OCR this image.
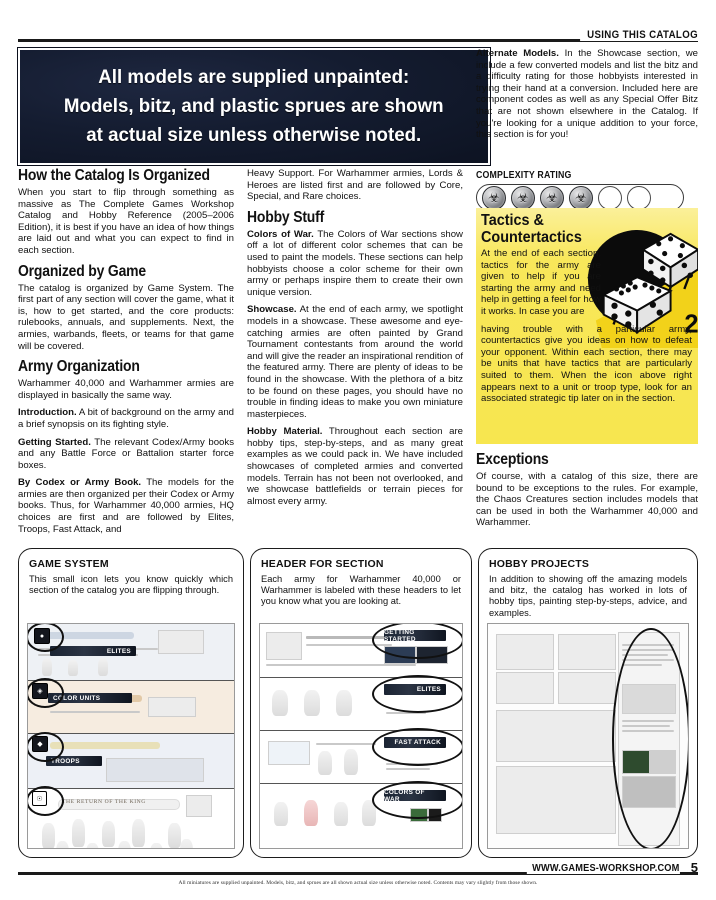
USING THIS CATALOG
All models are supplied unpainted:
Models, bitz, and plastic sprues are shown
at actual size unless otherwise noted.
How the Catalog Is Organized

When you start to flip through something as massive as The Complete Games Workshop Catalog and Hobby Reference (2005–2006 Edition), it is best if you have an idea of how things are laid out and what you can expect to find in each section.

Organized by Game

The catalog is organized by Game System. The first part of any section will cover the game, what it is, how to get started, and the core products: rulebooks, annuals, and supplements. Next, the armies, warbands, fleets, or teams for that game will be covered.

Army Organization

Warhammer 40,000 and Warhammer armies are displayed in basically the same way.

Introduction. A bit of background on the army and a brief synopsis on its fighting style.

Getting Started. The relevant Codex/Army books and any Battle Force or Battalion starter force boxes.

By Codex or Army Book. The models for the armies are then organized per their Codex or Army books. Thus, for Warhammer 40,000 armies, HQ choices are first and are followed by Elites, Troops, Fast Attack, and

Heavy Support. For Warhammer armies, Lords & Heroes are listed first and are followed by Core, Special, and Rare choices.

Hobby Stuff

Colors of War. The Colors of War sections show off a lot of different color schemes that can be used to paint the models. These sections can help hobbyists choose a color scheme for their own army or perhaps inspire them to create their own unique version.

Showcase. At the end of each army, we spotlight models in a showcase. These awesome and eye-catching armies are often painted by Grand Tournament contestants from around the world and will give the reader an inspirational rendition of the featured army. There are plenty of ideas to be found in the showcase. With the plethora of a bitz to be found on these pages, you should have no trouble in finding ideas to make you own miniature masterpieces.

Hobby Material. Throughout each section are hobby tips, step-by-steps, and as many great examples as we could pack in. We have included showcases of completed armies and converted models. Terrain has not been not overlooked, and we showcase battlefields or terrain pieces for almost every army.

Alternate Models. In the Showcase section, we include a few converted models and list the bitz and a difficulty rating for those hobbyists interested in trying their hand at a conversion. Included here are component codes as well as any Special Offer Bitz that are not shown elsewhere in the Catalog. If you're looking for a unique addition to your force, this section is for you!

COMPLEXITY RATING
☣	☣	☣	☣
2
Tactics &
Countertactics

At the end of each section, tactics for the army are given to help if you are starting the army and need help in getting a feel for how it works. In case you are

having trouble with a particular army, countertactics give you ideas on how to defeat your opponent. Within each section, there may be units that have tactics that are particularly suited to them. When the icon above right appears next to a unit or troop type, look for an associated strategic tip later on in the section.

Exceptions

Of course, with a catalog of this size, there are bound to be exceptions to the rules. For example, the Chaos Creatures section includes models that can be used in both the Warhammer 40,000 and Warhammer.

GAME SYSTEM

This small icon lets you know quickly which section of the catalog you are flipping through.

●
ELITES
◈
COLOR UNITS
◆
TROOPS
☉	THE RETURN OF THE KING
HEADER FOR SECTION

Each army for Warhammer 40,000 or Warhammer is labeled with these headers to let you know what you are looking at.

GETTING STARTED
ELITES
FAST ATTACK
COLORS OF WAR
HOBBY PROJECTS

In addition to showing off the amazing models and bitz, the catalog has worked in lots of hobby tips, painting step-by-steps, advice, and examples.

5
WWW.GAMES-WORKSHOP.COM
All miniatures are supplied unpainted. Models, bitz, and sprues are all shown actual size unless otherwise noted. Contents may vary slightly from those shown.
